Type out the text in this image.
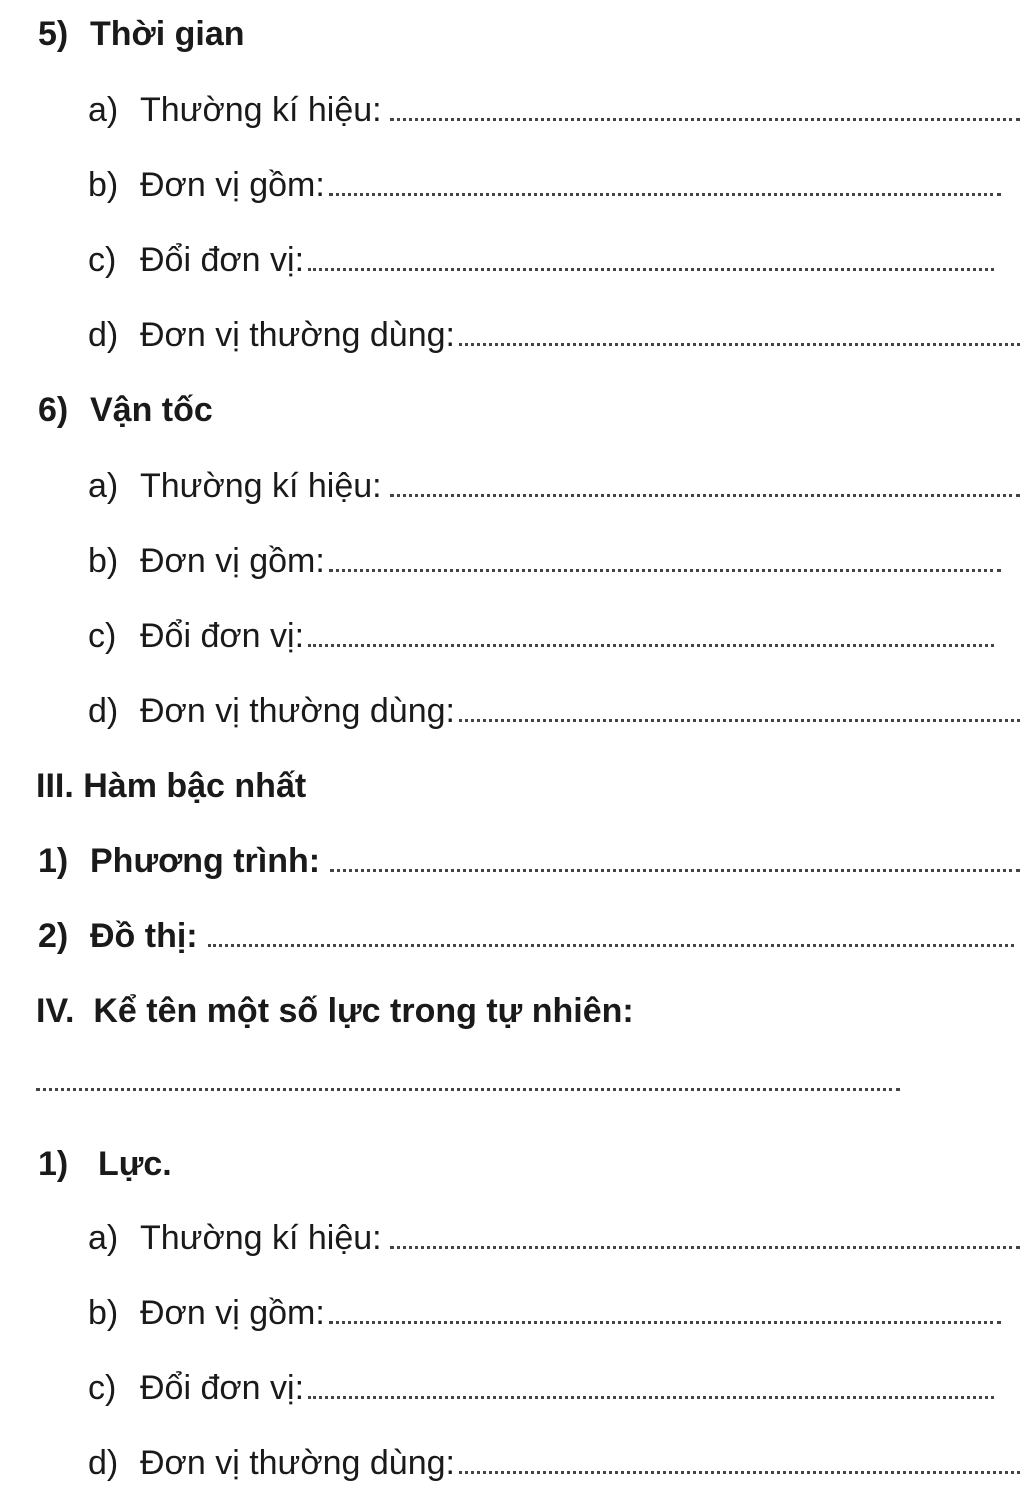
5) Thời gian
a) Thường kí hiệu:
b) Đơn vị gồm:
c) Đổi đơn vị:
d) Đơn vị thường dùng:
6) Vận tốc
a) Thường kí hiệu:
b) Đơn vị gồm:
c) Đổi đơn vị:
d) Đơn vị thường dùng:
III. Hàm bậc nhất
1) Phương trình:
2) Đồ thị:
IV.  Kể tên một số lực trong tự nhiên:
1) Lực.
a) Thường kí hiệu:
b) Đơn vị gồm:
c) Đổi đơn vị:
d) Đơn vị thường dùng:
